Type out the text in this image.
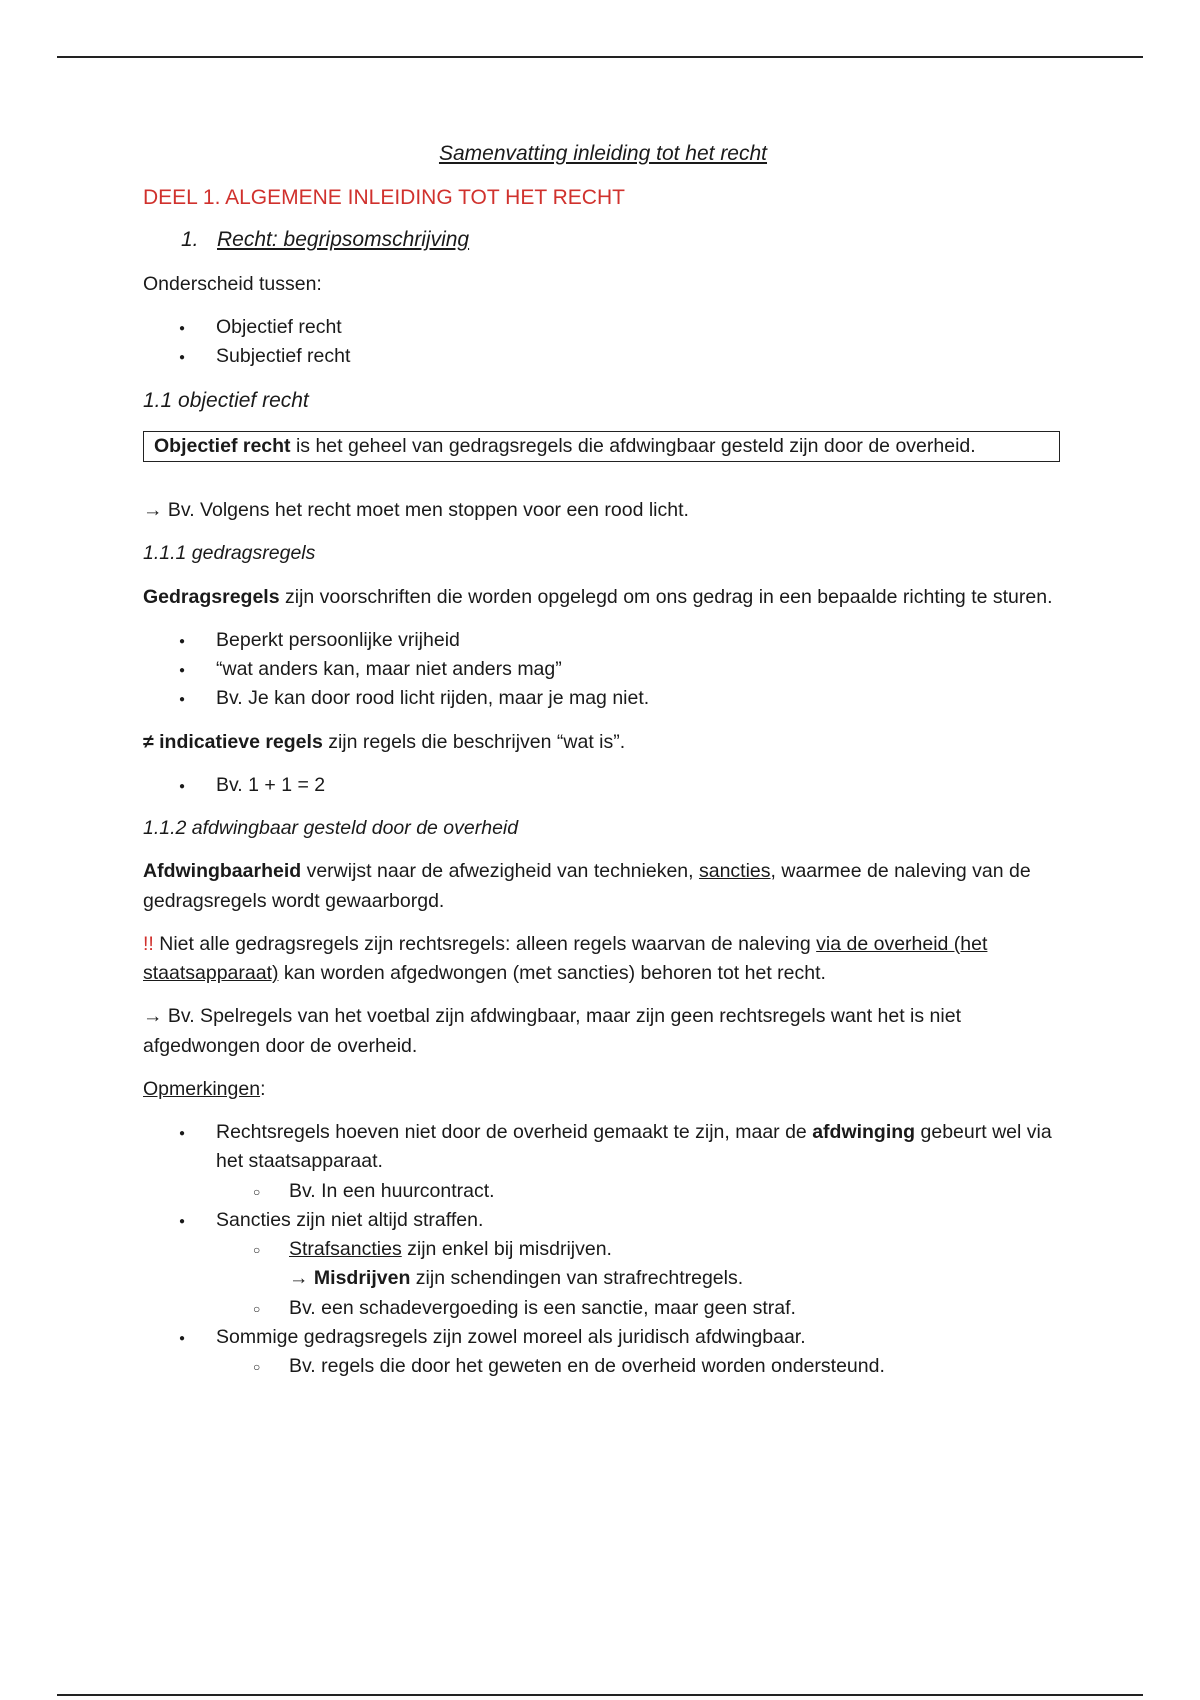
Samenvatting inleiding tot het recht
DEEL 1. ALGEMENE INLEIDING TOT HET RECHT
1. Recht: begripsomschrijving

Onderscheid tussen:

● Objectief recht
● Subjectief recht
1.1 objectief recht
Objectief recht is het geheel van gedragsregels die afdwingbaar gesteld zijn door de overheid.

→ Bv. Volgens het recht moet men stoppen voor een rood licht.

1.1.1 gedragsregels

Gedragsregels zijn voorschriften die worden opgelegd om ons gedrag in een bepaalde richting te sturen.

● Beperkt persoonlijke vrijheid
● “wat anders kan, maar niet anders mag”
● Bv. Je kan door rood licht rijden, maar je mag niet.

≠ indicatieve regels zijn regels die beschrijven “wat is”.

● Bv. 1 + 1 = 2
1.1.2 afdwingbaar gesteld door de overheid

Afdwingbaarheid verwijst naar de afwezigheid van technieken, sancties, waarmee de naleving van de gedragsregels wordt gewaarborgd.

!! Niet alle gedragsregels zijn rechtsregels: alleen regels waarvan de naleving via de overheid (het staatsapparaat) kan worden afgedwongen (met sancties) behoren tot het recht.

→ Bv. Spelregels van het voetbal zijn afdwingbaar, maar zijn geen rechtsregels want het is niet afgedwongen door de overheid.

Opmerkingen:

● Rechtsregels hoeven niet door de overheid gemaakt te zijn, maar de afdwinging gebeurt wel via het staatsapparaat.
○ Bv. In een huurcontract.
● Sancties zijn niet altijd straffen.
○ Strafsancties zijn enkel bij misdrijven.
→ Misdrijven zijn schendingen van strafrechtregels.
○ Bv. een schadevergoeding is een sanctie, maar geen straf.
● Sommige gedragsregels zijn zowel moreel als juridisch afdwingbaar.
○ Bv. regels die door het geweten en de overheid worden ondersteund.
